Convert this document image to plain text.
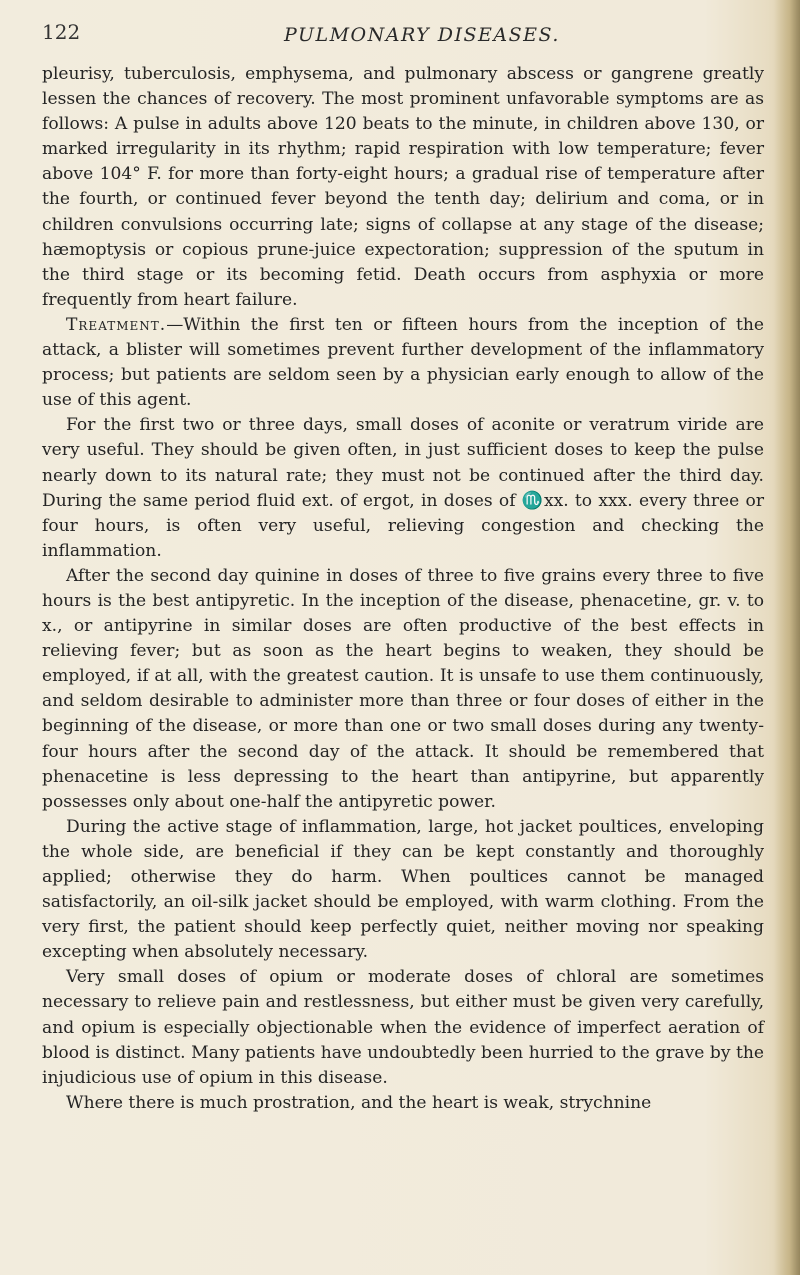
122	PULMONARY DISEASES.

pleurisy, tuberculosis, emphysema, and pulmonary abscess or gangrene greatly lessen the chances of recovery. The most prominent unfavorable symptoms are as follows: A pulse in adults above 120 beats to the minute, in children above 130, or marked irregularity in its rhythm; rapid respiration with low temperature; fever above 104° F. for more than forty-eight hours; a gradual rise of temperature after the fourth, or continued fever beyond the tenth day; delirium and coma, or in children convulsions occurring late; signs of collapse at any stage of the disease; hæmoptysis or copious prune-juice expectoration; suppression of the sputum in the third stage or its becoming fetid. Death occurs from asphyxia or more frequently from heart failure.

Treatment.—Within the first ten or fifteen hours from the inception of the attack, a blister will sometimes prevent further development of the inflammatory process; but patients are seldom seen by a physician early enough to allow of the use of this agent.

For the first two or three days, small doses of aconite or veratrum viride are very useful. They should be given often, in just sufficient doses to keep the pulse nearly down to its natural rate; they must not be continued after the third day. During the same period fluid ext. of ergot, in doses of ♏xx. to xxx. every three or four hours, is often very useful, relieving congestion and checking the inflammation.

After the second day quinine in doses of three to five grains every three to five hours is the best antipyretic. In the inception of the disease, phenacetine, gr. v. to x., or antipyrine in similar doses are often productive of the best effects in relieving fever; but as soon as the heart begins to weaken, they should be employed, if at all, with the greatest caution. It is unsafe to use them continuously, and seldom desirable to administer more than three or four doses of either in the beginning of the disease, or more than one or two small doses during any twenty-four hours after the second day of the attack. It should be remembered that phenacetine is less depressing to the heart than antipyrine, but apparently possesses only about one-half the antipyretic power.

During the active stage of inflammation, large, hot jacket poultices, enveloping the whole side, are beneficial if they can be kept constantly and thoroughly applied; otherwise they do harm. When poultices cannot be managed satisfactorily, an oil-silk jacket should be employed, with warm clothing. From the very first, the patient should keep perfectly quiet, neither moving nor speaking excepting when absolutely necessary.

Very small doses of opium or moderate doses of chloral are sometimes necessary to relieve pain and restlessness, but either must be given very carefully, and opium is especially objectionable when the evidence of imperfect aeration of blood is distinct. Many patients have undoubtedly been hurried to the grave by the injudicious use of opium in this disease.

Where there is much prostration, and the heart is weak, strychnine
